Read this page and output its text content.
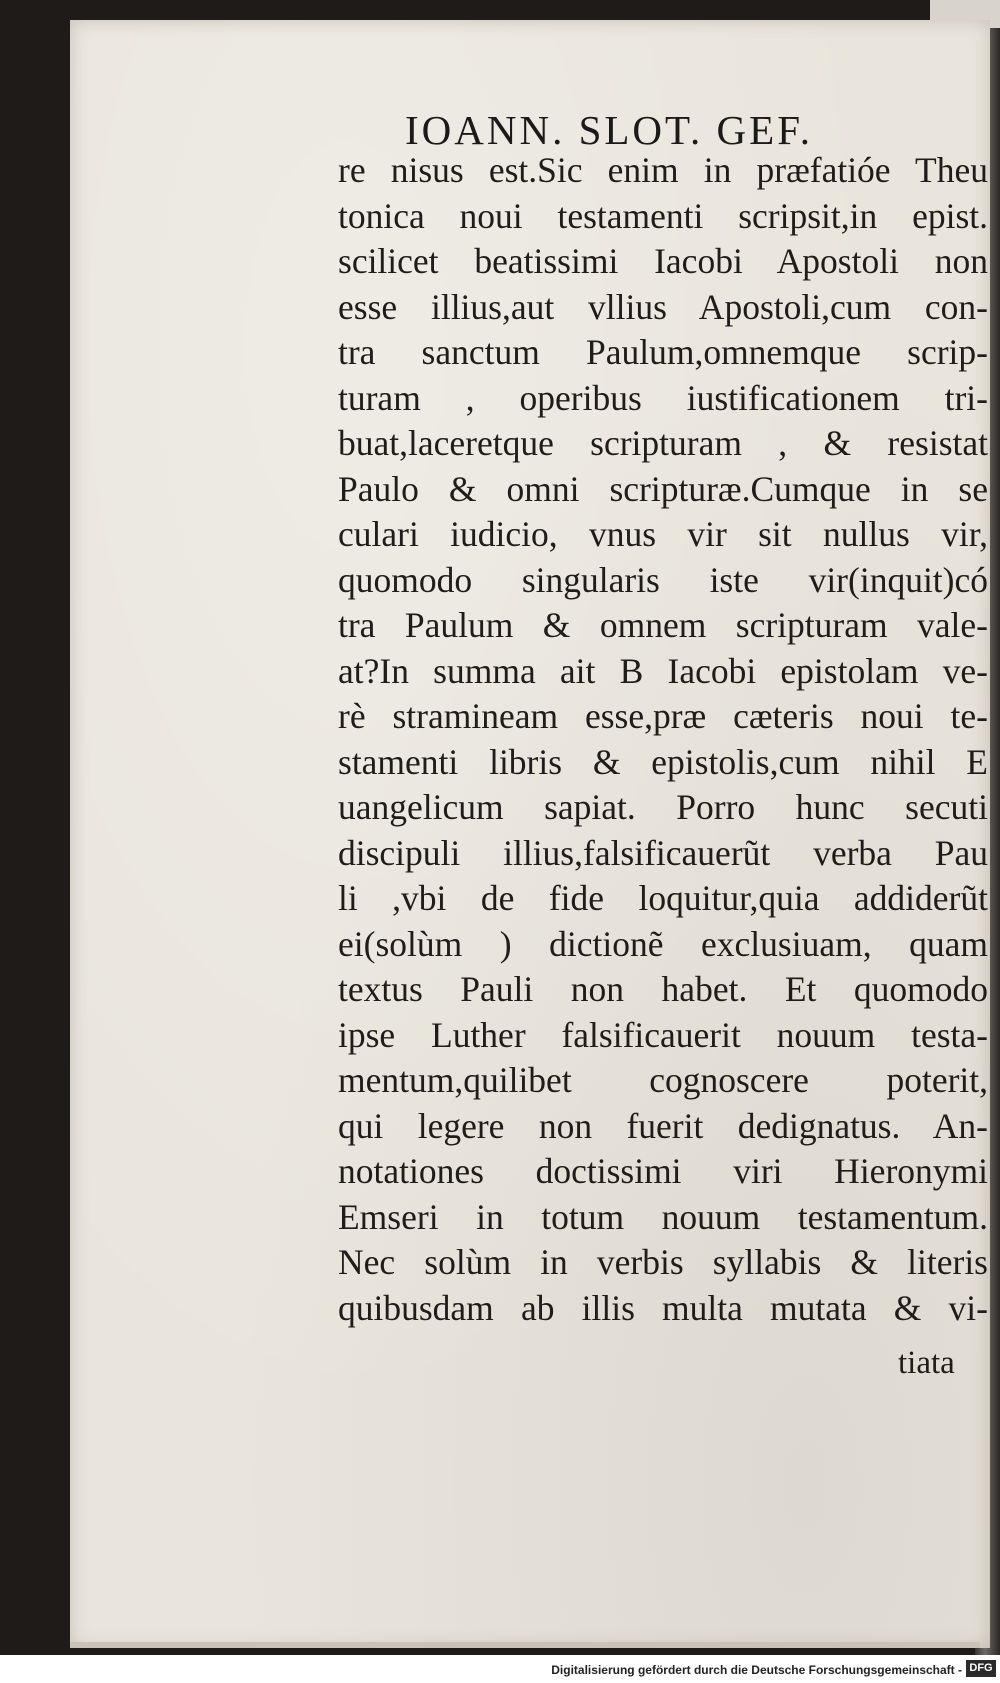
IOANN. SLOT. GEF.
re nisus est.Sic enim in præfatióe Theu
tonica noui testamenti scripsit,in epist.
scilicet beatissimi Iacobi Apostoli non
esse illius,aut vllius Apostoli,cum con-
tra sanctum Paulum,omnemque scrip-
turam , operibus iustificationem tri-
buat,laceretque scripturam , & resistat
Paulo & omni scripturæ.Cumque in se
culari iudicio, vnus vir sit nullus vir,
quomodo singularis iste vir(inquit)có
tra Paulum & omnem scripturam vale-
at?In summa ait B Iacobi epistolam ve-
rè stramineam esse,præ cæteris noui te-
stamenti libris & epistolis,cum nihil E
uangelicum sapiat. Porro hunc secuti
discipuli illius,falsificauerũt verba Pau
li ,vbi de fide loquitur,quia addiderũt
ei(solùm ) dictionẽ exclusiuam, quam
textus Pauli non habet. Et quomodo
ipse Luther falsificauerit nouum testa-
mentum,quilibet cognoscere poterit,
qui legere non fuerit dedignatus. An-
notationes doctissimi viri Hieronymi
Emseri in totum nouum testamentum.
Nec solùm in verbis syllabis & literis
quibusdam ab illis multa mutata & vi-
tiata
Digitalisierung gefördert durch die Deutsche Forschungsgemeinschaft - DFG
